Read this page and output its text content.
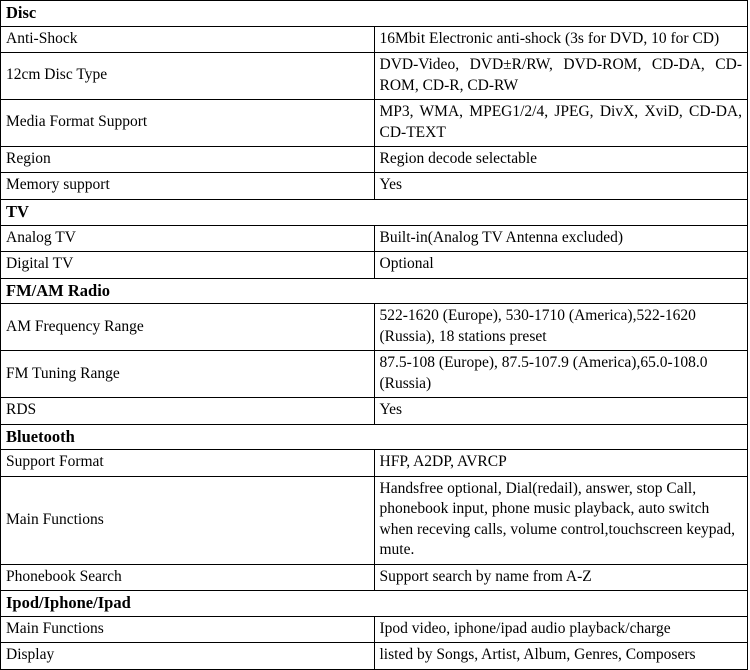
Disc	
Anti-Shock	16Mbit Electronic anti-shock (3s for DVD, 10 for CD)
12cm Disc Type	DVD-Video, DVD±R/RW, DVD-ROM, CD-DA, CD-ROM, CD-R, CD-RW
Media Format Support	MP3, WMA, MPEG1/2/4, JPEG, DivX, XviD, CD-DA, CD-TEXT
Region	Region decode selectable
Memory support	Yes
TV	
Analog TV	Built-in(Analog TV Antenna excluded)
Digital TV	Optional
FM/AM Radio	
AM Frequency Range	522-1620 (Europe), 530-1710 (America),522-1620 (Russia), 18 stations preset
FM Tuning Range	87.5-108 (Europe), 87.5-107.9 (America),65.0-108.0 (Russia)
RDS	Yes
Bluetooth	
Support Format	HFP, A2DP, AVRCP
Main Functions	Handsfree optional, Dial(redail), answer, stop Call, phonebook input, phone music playback, auto switch when receving calls, volume control,touchscreen keypad, mute.
Phonebook Search	Support search by name from A-Z
Ipod/Iphone/Ipad	
Main Functions	Ipod video, iphone/ipad audio playback/charge
Display	listed by Songs, Artist, Album, Genres, Composers
